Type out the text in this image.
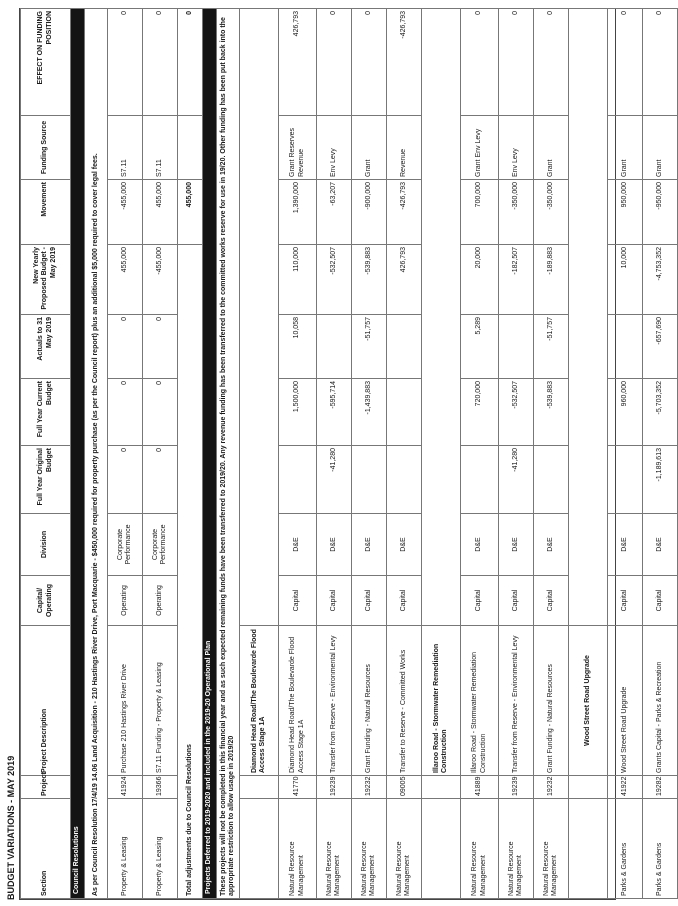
BUDGET VARIATIONS - MAY 2019	Section	Project	Project Description	Capital/ Operating	Division	Full Year Original Budget	Full Year Current Budget	Actuals to 31 May 2019	New Yearly Proposed Budget - May 2019	Movement	Funding Source	EFFECT ON FUNDING POSITION
Council Resolutions											
As per Council Resolution 17/4/19 14.06 Land Acquisition - 210 Hastings River Drive, Port Macquarie - $450,000 required for property purchase (as per the Council report) plus an additional $5,000 required to cover legal fees.											
Property & Leasing	41924	Purchase 210 Hastings River Drive	Operating	Corporate Performance	0	0	0	455,000	-455,000	S7.11	0
Property & Leasing	19366	S7.11 Funding - Property & Leasing	Operating	Corporate Performance	0	0	0	-455,000	455,000	S7.11	0
Total adjustments due to Council Resolutions									455,000		0
Projects Deferred to 2019-2020 and included in the 2019-20 Operational Plan											
These projects will not be completed in this financial year and as such expected remaining funds have been transferred to 2019/20. Any revenue funding has been transferred to the committed works reserve for use in 19/20. Other funding has been put back into the appropriate restriction to allow usage in 2019/20											
		Diamond Head Road/The Boulevarde Flood Access Stage 1A									
Natural Resource Management	41770	Diamond Head Road/The Boulevarde Flood Access Stage 1A	Capital	D&E		1,500,000	10,058	110,000	1,390,000	Grant Reserves Revenue	426,793
Natural Resource Management	19239	Transfer from Reserve - Environmental Levy	Capital	D&E	-41,280	-595,714		-532,507	-63,207	Env Levy	0
Natural Resource Management	19232	Grant Funding - Natural Resources	Capital	D&E		-1,439,883	-51,757	-539,883	-900,000	Grant	0
Natural Resource Management	09005	Transfer to Reserve - Committed Works	Capital	D&E				426,793	-426,793	Revenue	-426,793
		Illaroo Road - Stormwater Remediation Construction									
Natural Resource Management	41889	Illaroo Road - Stormwater Remediation Construction	Capital	D&E		720,000	5,289	20,000	700,000	Grant Env Levy	0
Natural Resource Management	19239	Transfer from Reserve - Environmental Levy	Capital	D&E	-41,280	-532,507		-182,507	-350,000	Env Levy	0
Natural Resource Management	19232	Grant Funding - Natural Resources	Capital	D&E		-539,883	-51,757	-189,883	-350,000	Grant	0
		Wood Street Road Upgrade									
Parks & Gardens	41922	Wood Street Road Upgrade	Capital	D&E		960,000		10,000	950,000	Grant	0
Parks & Gardens	19282	Grants Capital - Parks & Recreation	Capital	D&E	-1,189,613	-5,703,352	-657,690	-4,753,352	-950,000	Grant	0
